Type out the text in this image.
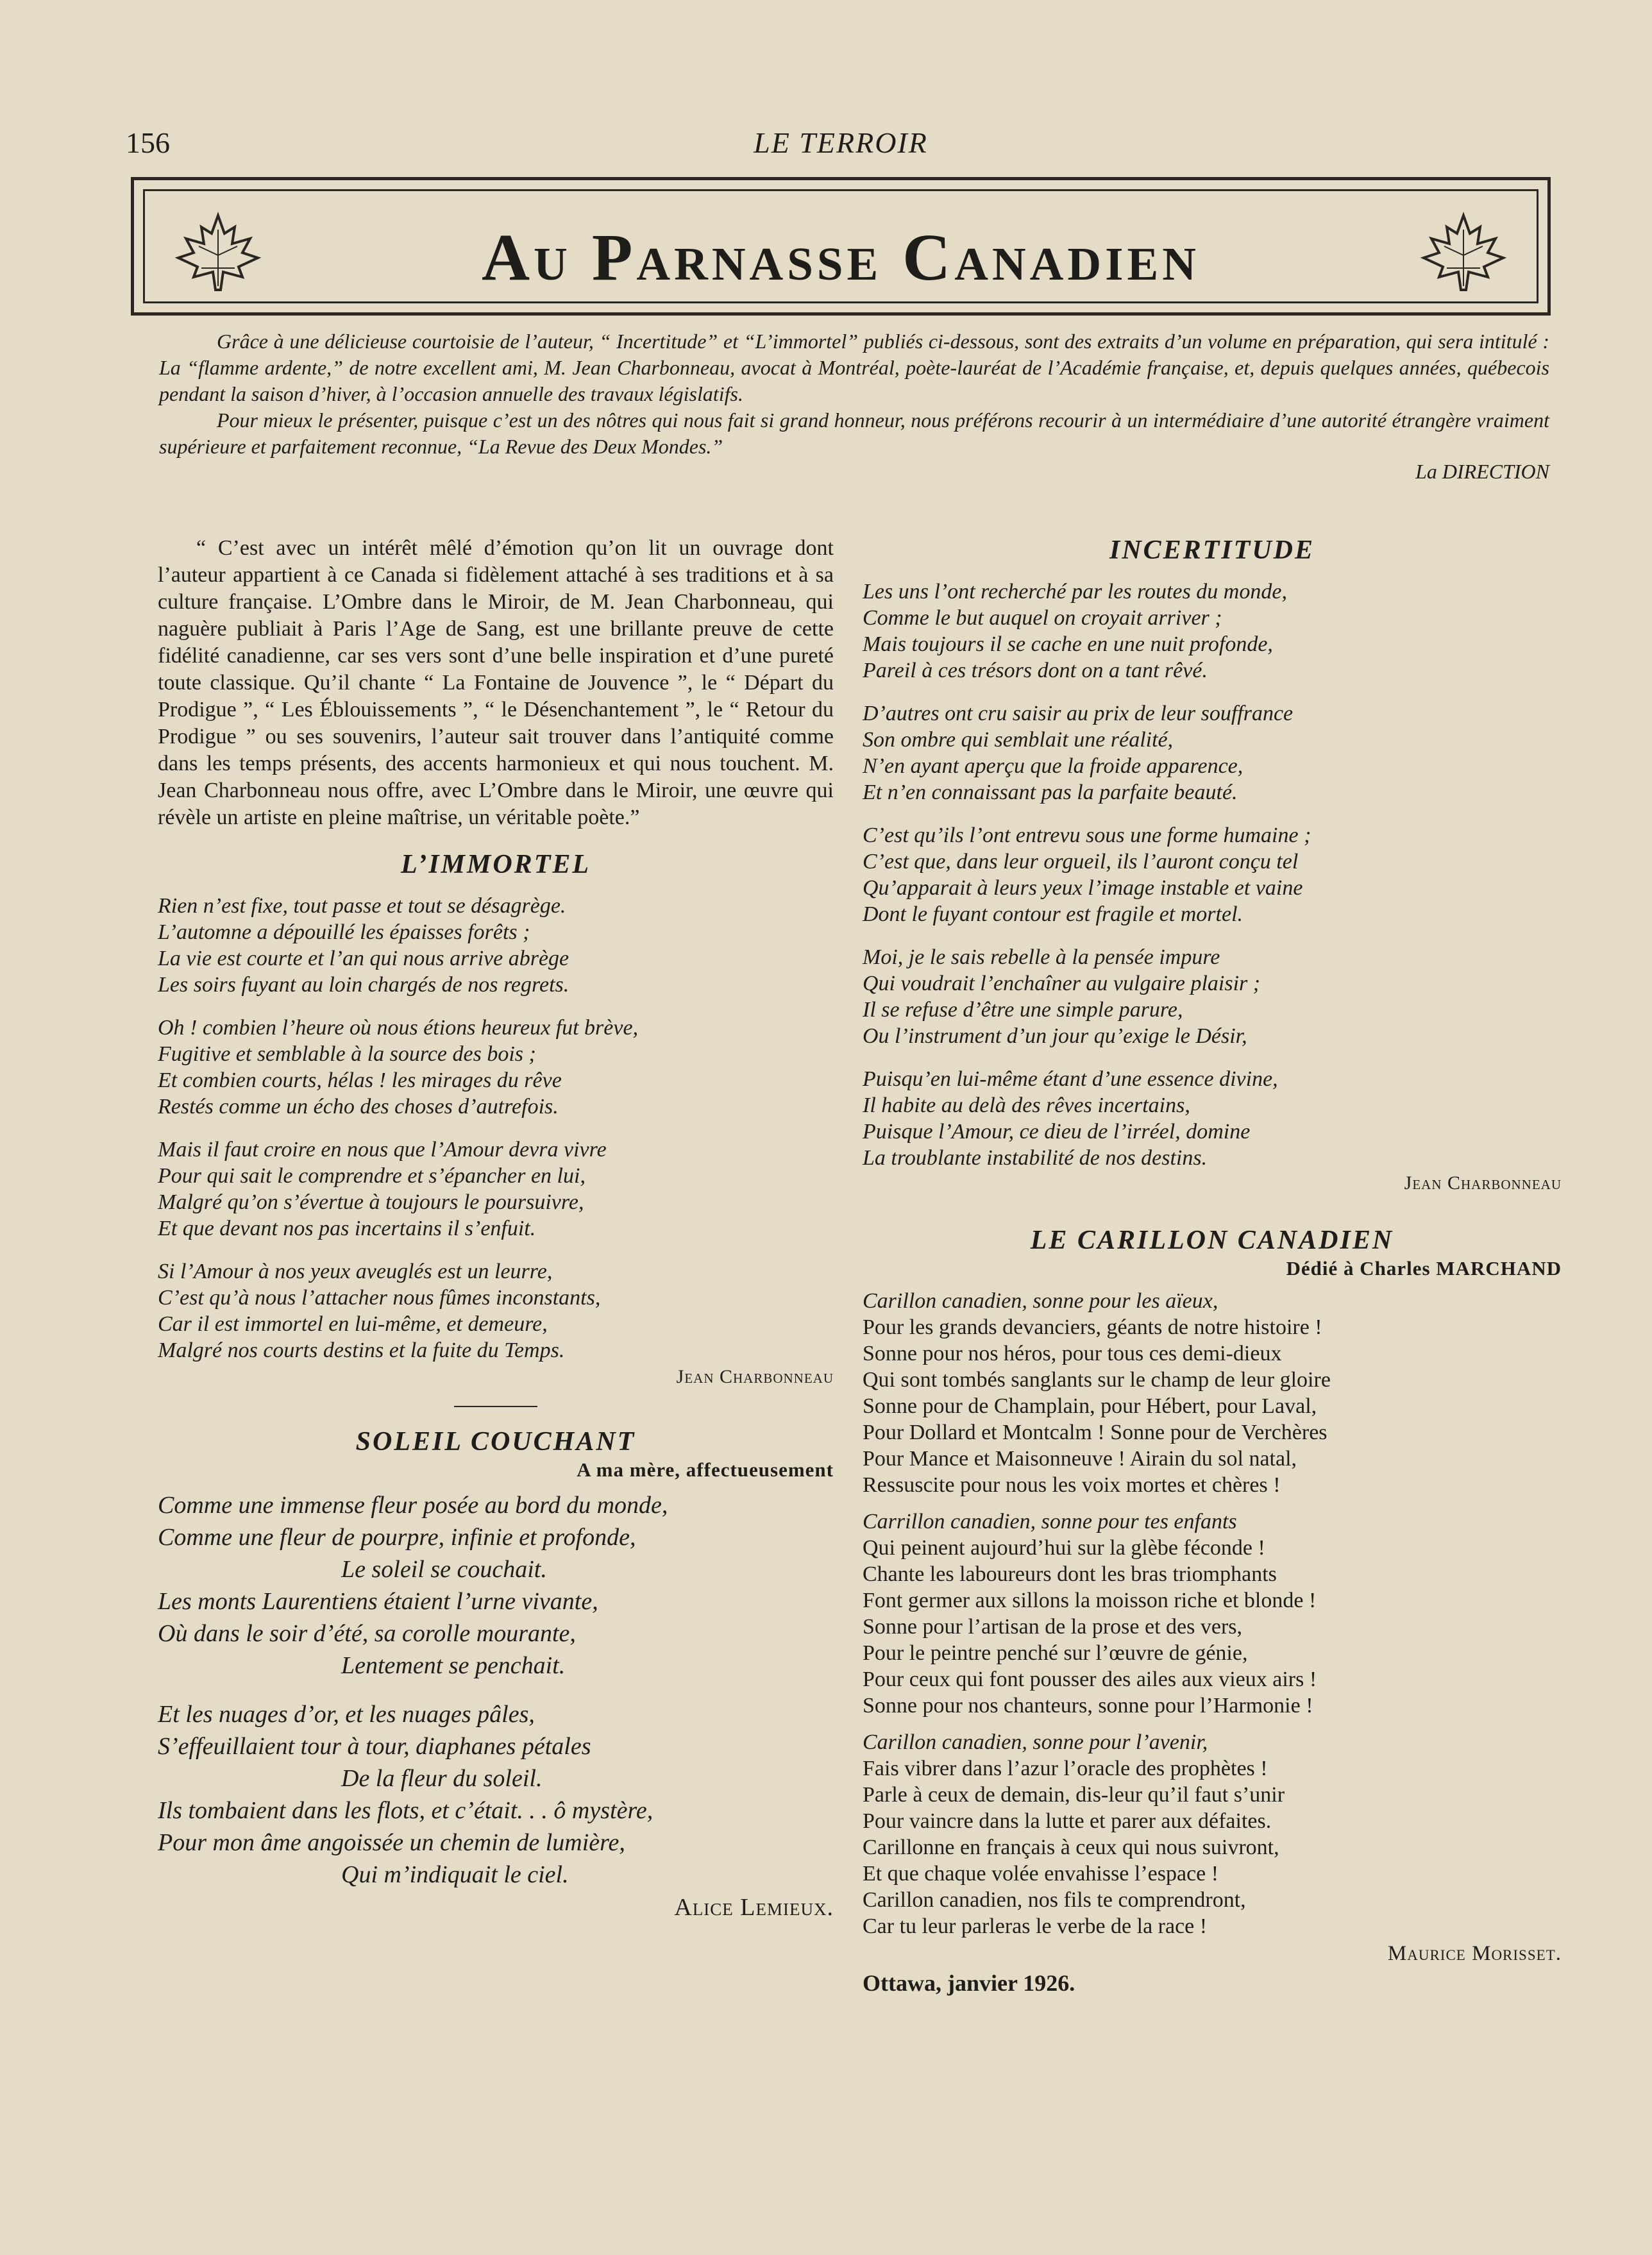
156	LE TERROIR
Au Parnasse Canadien

Grâce à une délicieuse courtoisie de l’auteur, “ Incertitude” et “L’immortel” publiés ci-dessous, sont des extraits d’un volume en préparation, qui sera intitulé : La “flamme ardente,” de notre excellent ami, M. Jean Charbonneau, avocat à Montréal, poète-lauréat de l’Académie française, et, depuis quelques années, québecois pendant la saison d’hiver, à l’occasion annuelle des travaux législatifs.

Pour mieux le présenter, puisque c’est un des nôtres qui nous fait si grand honneur, nous préférons recourir à un intermédiaire d’une autorité étrangère vraiment supérieure et parfaitement reconnue, “La Revue des Deux Mondes.”

La DIRECTION

“ C’est avec un intérêt mêlé d’émotion qu’on lit un ouvrage dont l’auteur appartient à ce Canada si fidèlement attaché à ses traditions et à sa culture française. L’Ombre dans le Miroir, de M. Jean Charbonneau, qui naguère publiait à Paris l’Age de Sang, est une brillante preuve de cette fidélité canadienne, car ses vers sont d’une belle inspiration et d’une pureté toute classique. Qu’il chante “ La Fontaine de Jouvence ”, le “ Départ du Prodigue ”, “ Les Éblouissements ”, “ le Désenchantement ”, le “ Retour du Prodigue ” ou ses souvenirs, l’auteur sait trouver dans l’antiquité comme dans les temps présents, des accents harmonieux et qui nous touchent. M. Jean Charbonneau nous offre, avec L’Ombre dans le Miroir, une œuvre qui révèle un artiste en pleine maîtrise, un véritable poète.”

L’IMMORTEL
Rien n’est fixe, tout passe et tout se désagrège.
L’automne a dépouillé les épaisses forêts ;
La vie est courte et l’an qui nous arrive abrège
Les soirs fuyant au loin chargés de nos regrets.
Oh ! combien l’heure où nous étions heureux fut brève,
Fugitive et semblable à la source des bois ;
Et combien courts, hélas ! les mirages du rêve
Restés comme un écho des choses d’autrefois.
Mais il faut croire en nous que l’Amour devra vivre
Pour qui sait le comprendre et s’épancher en lui,
Malgré qu’on s’évertue à toujours le poursuivre,
Et que devant nos pas incertains il s’enfuit.
Si l’Amour à nos yeux aveuglés est un leurre,
C’est qu’à nous l’attacher nous fûmes inconstants,
Car il est immortel en lui-même, et demeure,
Malgré nos courts destins et la fuite du Temps.

Jean Charbonneau

SOLEIL COUCHANT
A ma mère, affectueusement
Comme une immense fleur posée au bord du monde,
Comme une fleur de pourpre, infinie et profonde,
Le soleil se couchait.
Les monts Laurentiens étaient l’urne vivante,
Où dans le soir d’été, sa corolle mourante,
Lentement se penchait.
Et les nuages d’or, et les nuages pâles,
S’effeuillaient tour à tour, diaphanes pétales
De la fleur du soleil.
Ils tombaient dans les flots, et c’était. . . ô mystère,
Pour mon âme angoissée un chemin de lumière,
Qui m’indiquait le ciel.

Alice Lemieux.

INCERTITUDE
Les uns l’ont recherché par les routes du monde,
Comme le but auquel on croyait arriver ;
Mais toujours il se cache en une nuit profonde,
Pareil à ces trésors dont on a tant rêvé.
D’autres ont cru saisir au prix de leur souffrance
Son ombre qui semblait une réalité,
N’en ayant aperçu que la froide apparence,
Et n’en connaissant pas la parfaite beauté.
C’est qu’ils l’ont entrevu sous une forme humaine ;
C’est que, dans leur orgueil, ils l’auront conçu tel
Qu’apparait à leurs yeux l’image instable et vaine
Dont le fuyant contour est fragile et mortel.
Moi, je le sais rebelle à la pensée impure
Qui voudrait l’enchaîner au vulgaire plaisir ;
Il se refuse d’être une simple parure,
Ou l’instrument d’un jour qu’exige le Désir,
Puisqu’en lui-même étant d’une essence divine,
Il habite au delà des rêves incertains,
Puisque l’Amour, ce dieu de l’irréel, domine
La troublante instabilité de nos destins.

Jean Charbonneau

LE CARILLON CANADIEN
Dédié à Charles MARCHAND
Carillon canadien, sonne pour les aïeux,
Pour les grands devanciers, géants de notre histoire !
Sonne pour nos héros, pour tous ces demi-dieux
Qui sont tombés sanglants sur le champ de leur gloire
Sonne pour de Champlain, pour Hébert, pour Laval,
Pour Dollard et Montcalm ! Sonne pour de Verchères
Pour Mance et Maisonneuve ! Airain du sol natal,
Ressuscite pour nous les voix mortes et chères !
Carrillon canadien, sonne pour tes enfants
Qui peinent aujourd’hui sur la glèbe féconde !
Chante les laboureurs dont les bras triomphants
Font germer aux sillons la moisson riche et blonde !
Sonne pour l’artisan de la prose et des vers,
Pour le peintre penché sur l’œuvre de génie,
Pour ceux qui font pousser des ailes aux vieux airs !
Sonne pour nos chanteurs, sonne pour l’Harmonie !
Carillon canadien, sonne pour l’avenir,
Fais vibrer dans l’azur l’oracle des prophètes !
Parle à ceux de demain, dis-leur qu’il faut s’unir
Pour vaincre dans la lutte et parer aux défaites.
Carillonne en français à ceux qui nous suivront,
Et que chaque volée envahisse l’espace !
Carillon canadien, nos fils te comprendront,
Car tu leur parleras le verbe de la race !

Maurice Morisset.

Ottawa, janvier 1926.
